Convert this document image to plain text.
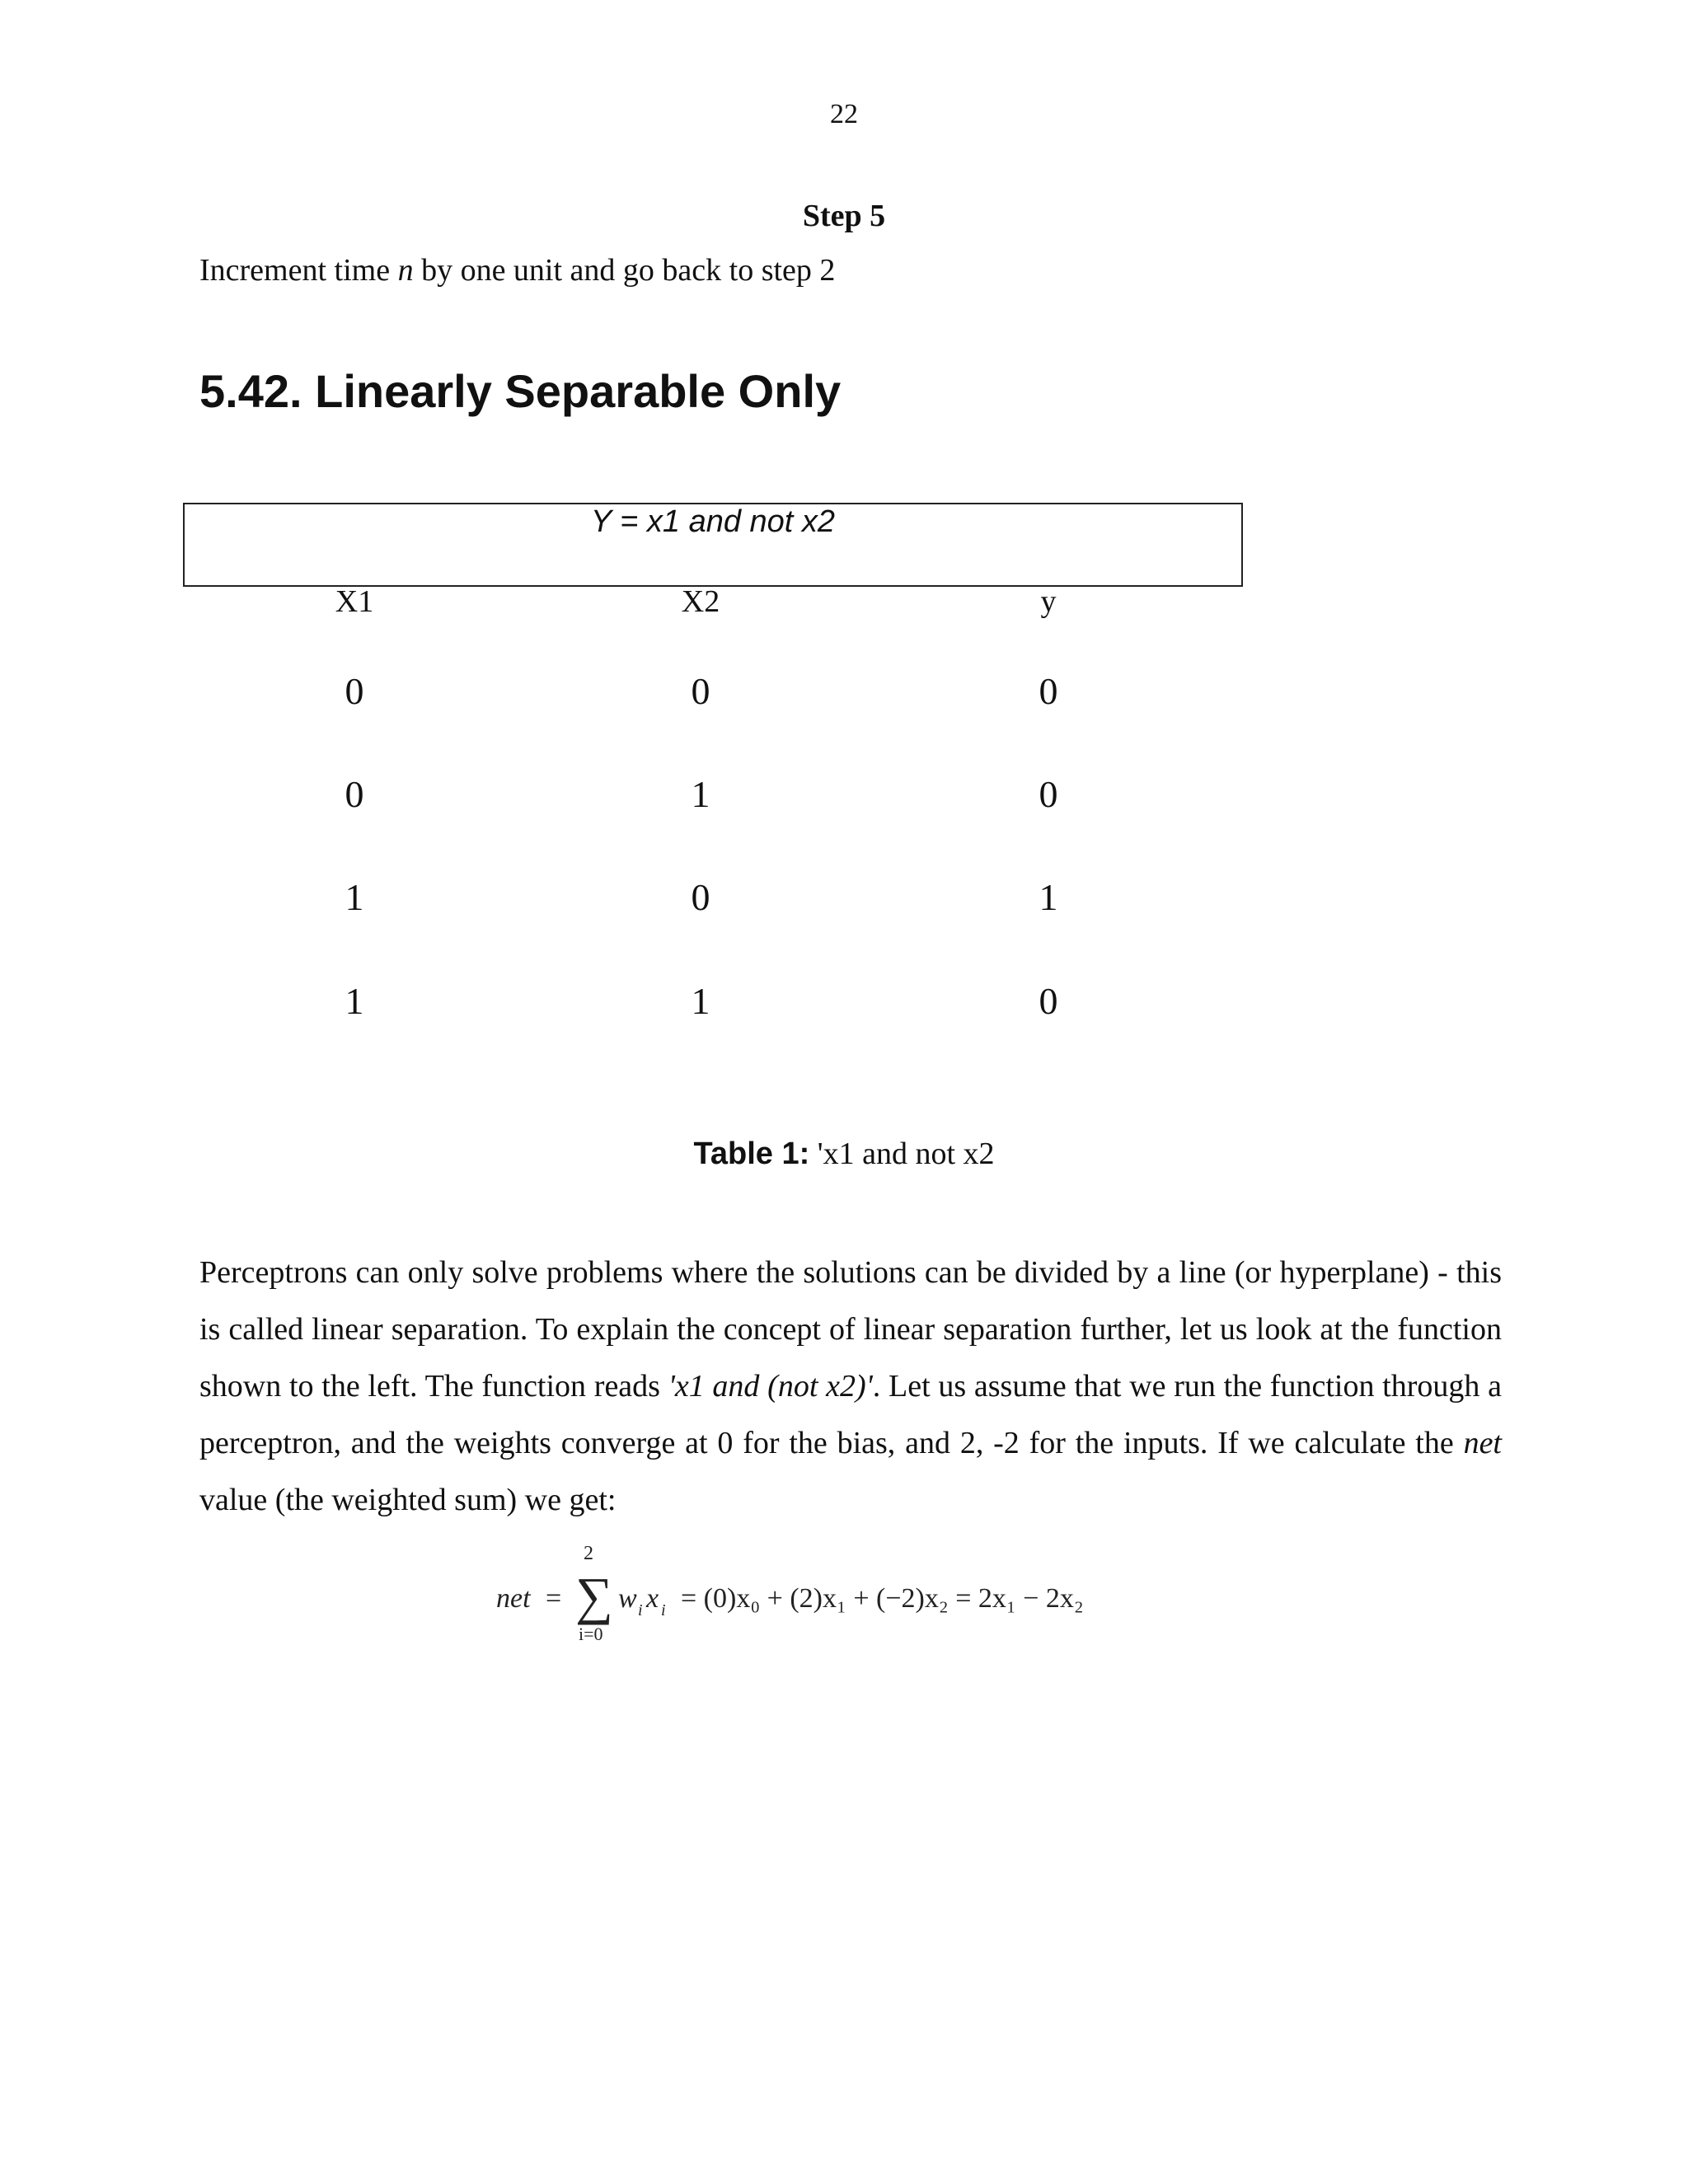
22
Step 5
Increment time n by one unit and go back to step 2
5.42. Linearly Separable Only
Y = x1 and not x2
X1	X2	y
0	0	0
0	1	0
1	0	1
1	1	0
Table 1: 'x1 and not x2
Perceptrons can only solve problems where the solutions can be divided by a line (or hyperplane) - this is called linear separation. To explain the concept of linear separation further, let us look at the function shown to the left. The function reads 'x1 and (not x2)'. Let us assume that we run the function through a perceptron, and the weights converge at 0 for the bias, and 2, -2 for the inputs. If we calculate the net value (the weighted sum) we get:
net =
2
∑
i=0
w i x i = (0)x₀ + (2)x₁ + (−2)x₂ = 2x₁ − 2x₂
